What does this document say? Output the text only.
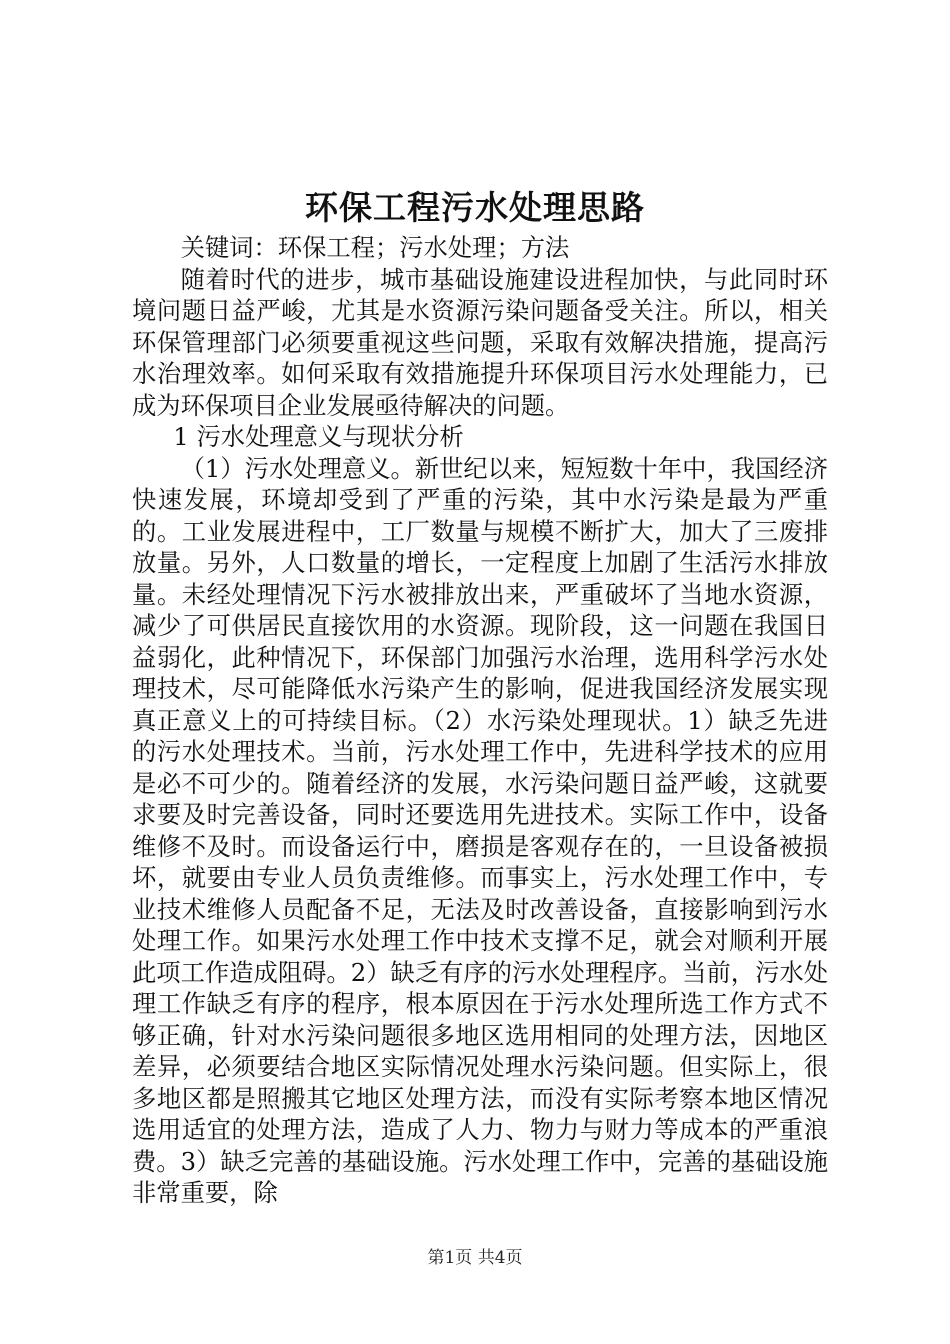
环保工程污水处理思路

关键词：环保工程；污水处理；方法

随着时代的进步，城市基础设施建设进程加快，与此同时环境问题日益严峻，尤其是水资源污染问题备受关注。所以，相关环保管理部门必须要重视这些问题，采取有效解决措施，提高污水治理效率。如何采取有效措施提升环保项目污水处理能力，已成为环保项目企业发展亟待解决的问题。

1 污水处理意义与现状分析

（1）污水处理意义。新世纪以来，短短数十年中，我国经济快速发展，环境却受到了严重的污染，其中水污染是最为严重的。工业发展进程中，工厂数量与规模不断扩大，加大了三废排放量。另外，人口数量的增长，一定程度上加剧了生活污水排放量。未经处理情况下污水被排放出来，严重破坏了当地水资源，减少了可供居民直接饮用的水资源。现阶段，这一问题在我国日益弱化，此种情况下，环保部门加强污水治理，选用科学污水处理技术，尽可能降低水污染产生的影响，促进我国经济发展实现真正意义上的可持续目标。（2）水污染处理现状。1）缺乏先进的污水处理技术。当前，污水处理工作中，先进科学技术的应用是必不可少的。随着经济的发展，水污染问题日益严峻，这就要求要及时完善设备，同时还要选用先进技术。实际工作中，设备维修不及时。而设备运行中，磨损是客观存在的，一旦设备被损坏，就要由专业人员负责维修。而事实上，污水处理工作中，专业技术维修人员配备不足，无法及时改善设备，直接影响到污水处理工作。如果污水处理工作中技术支撑不足，就会对顺利开展此项工作造成阻碍。2）缺乏有序的污水处理程序。当前，污水处理工作缺乏有序的程序，根本原因在于污水处理所选工作方式不够正确，针对水污染问题很多地区选用相同的处理方法，因地区差异，必须要结合地区实际情况处理水污染问题。但实际上，很多地区都是照搬其它地区处理方法，而没有实际考察本地区情况选用适宜的处理方法，造成了人力、物力与财力等成本的严重浪费。3）缺乏完善的基础设施。污水处理工作中，完善的基础设施非常重要，除

第1页 共4页
